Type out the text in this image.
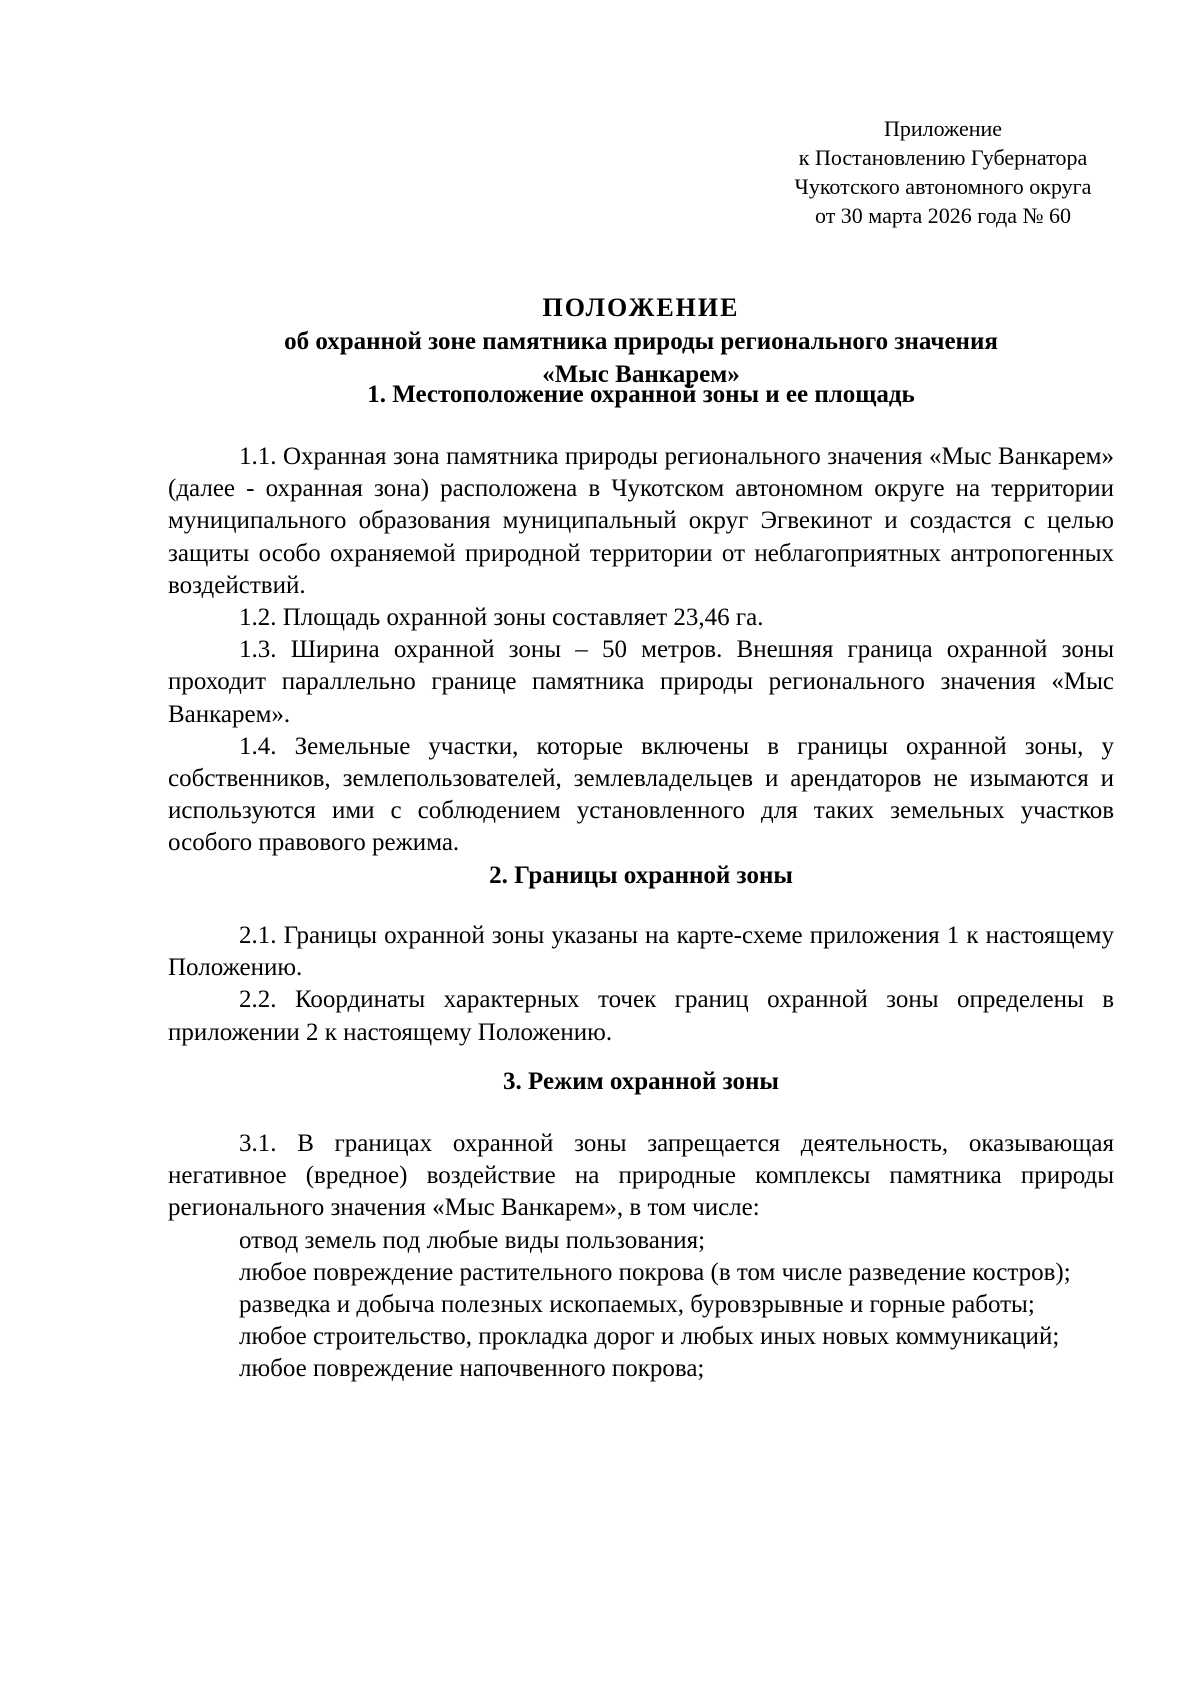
Приложение
к Постановлению Губернатора
Чукотского автономного округа
от 30 марта 2026 года № 60
ПОЛОЖЕНИЕ
об охранной зоне памятника природы регионального значения
«Мыс Ванкарем»
1. Местоположение охранной зоны и ее площадь

1.1. Охранная зона памятника природы регионального значения «Мыс Ванкарем» (далее - охранная зона) расположена в Чукотском автономном округе на территории муниципального образования муниципальный округ Эгвекинот и создастся с целью защиты особо охраняемой природной территории от неблагоприятных антропогенных воздействий.

1.2. Площадь охранной зоны составляет 23,46 га.

1.3. Ширина охранной зоны – 50 метров. Внешняя граница охранной зоны проходит параллельно границе памятника природы регионального значения «Мыс Ванкарем».

1.4. Земельные участки, которые включены в границы охранной зоны, у собственников, землепользователей, землевладельцев и арендаторов не изымаются и используются ими с соблюдением установленного для таких земельных участков особого правового режима.

2. Границы охранной зоны

2.1. Границы охранной зоны указаны на карте-схеме приложения 1 к настоящему Положению.

2.2. Координаты характерных точек границ охранной зоны определены в приложении 2 к настоящему Положению.

3. Режим охранной зоны

3.1. В границах охранной зоны запрещается деятельность, оказывающая негативное (вредное) воздействие на природные комплексы памятника природы регионального значения «Мыс Ванкарем», в том числе:

отвод земель под любые виды пользования;

любое повреждение растительного покрова (в том числе разведение костров);

разведка и добыча полезных ископаемых, буровзрывные и горные работы;

любое строительство, прокладка дорог и любых иных новых коммуникаций;

любое повреждение напочвенного покрова;
